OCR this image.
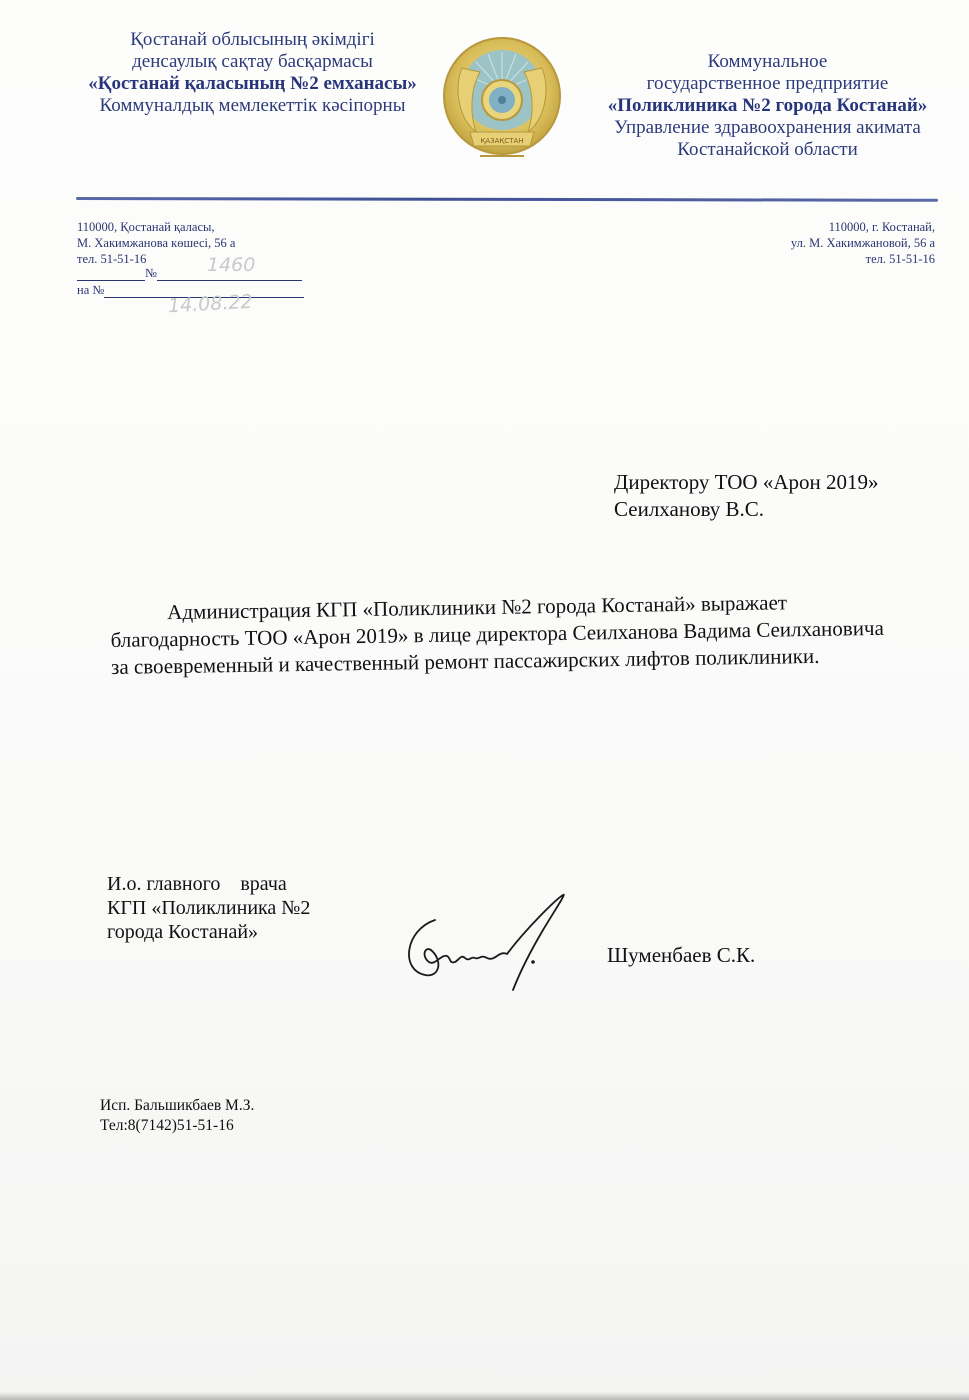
Қостанай облысының әкімдігі
денсаулық сақтау басқармасы
«Қостанай қаласының №2 емханасы»
Коммуналдық мемлекеттік кәсіпорны
ҚАЗАҚСТАН
Коммунальное
государственное предприятие
«Поликлиника №2 города Костанай»
Управление здравоохранения акимата
Костанайской области
110000, Қостанай қаласы,
М. Хакимжанова көшесі, 56 а
тел. 51-51-16
110000, г. Костанай,
ул. М. Хакимжановой, 56 а
тел. 51-51-16
№
на №
1460
14.08.22
Директору ТОО «Арон 2019»
Сеилханову В.С.

Администрация КГП «Поликлиники №2 города Костанай» выражает благодарность ТОО «Арон 2019» в лице директора Сеилханова Вадима Сеилхановича за своевременный и качественный ремонт пассажирских лифтов поликлиники.

И.о. главного    врача
КГП «Поликлиника №2
города Костанай»
Шуменбаев С.К.
Исп. Бальшикбаев М.З.
Тел:8(7142)51-51-16
